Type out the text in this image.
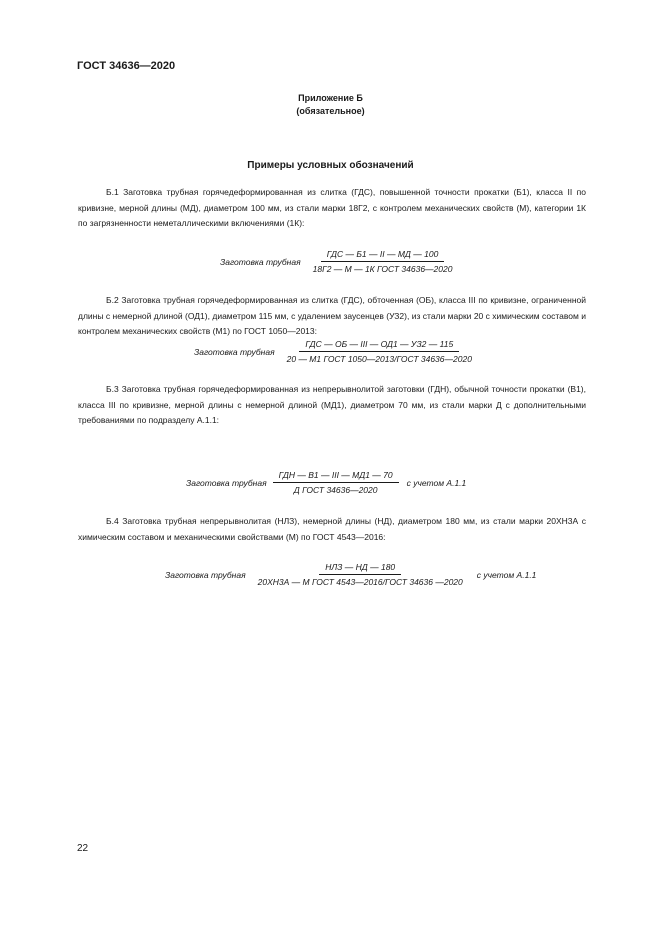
ГОСТ 34636—2020
Приложение Б
(обязательное)
Примеры условных обозначений
Б.1 Заготовка трубная горячедеформированная из слитка (ГДС), повышенной точности прокатки (Б1), класса II по кривизне, мерной длины (МД), диаметром 100 мм, из стали марки 18Г2, с контролем механических свойств (М), категории 1К по загрязненности неметаллическими включениями (1К):
Заготовка трубная $\frac{\text{ГДС — Б1 — II — МД — 100}}{\text{18Г2 — М — 1К ГОСТ 34636—2020}}$
Б.2 Заготовка трубная горячедеформированная из слитка (ГДС), обточенная (ОБ), класса III по кривизне, ограниченной длины с немерной длиной (ОД1), диаметром 115 мм, с удалением заусенцев (УЗ2), из стали марки 20 с химическим составом и контролем механических свойств (М1) по ГОСТ 1050—2013:
Заготовка трубная $\frac{\text{ГДС — ОБ — III — ОД1 — УЗ2 — 115}}{\text{20 — М1 ГОСТ 1050—2013/ГОСТ 34636—2020}}$
Б.3 Заготовка трубная горячедеформированная из непрерывнолитой заготовки (ГДН), обычной точности прокатки (В1), класса III по кривизне, мерной длины с немерной длиной (МД1), диаметром 70 мм, из стали марки Д с дополнительными требованиями по подразделу А.1.1:
Заготовка трубная $\frac{\text{ГДН — В1 — III — МД1 — 70}}{\text{Д ГОСТ 34636—2020}}$ с учетом А.1.1
Б.4 Заготовка трубная непрерывнолитая (НЛЗ), немерной длины (НД), диаметром 180 мм, из стали марки 20ХН3А с химическим составом и механическими свойствами (М) по ГОСТ 4543—2016:
Заготовка трубная $\frac{\text{НЛЗ — НД — 180}}{\text{20ХН3А — М ГОСТ 4543—2016/ГОСТ 34636 —2020}}$ с учетом А.1.1
22
